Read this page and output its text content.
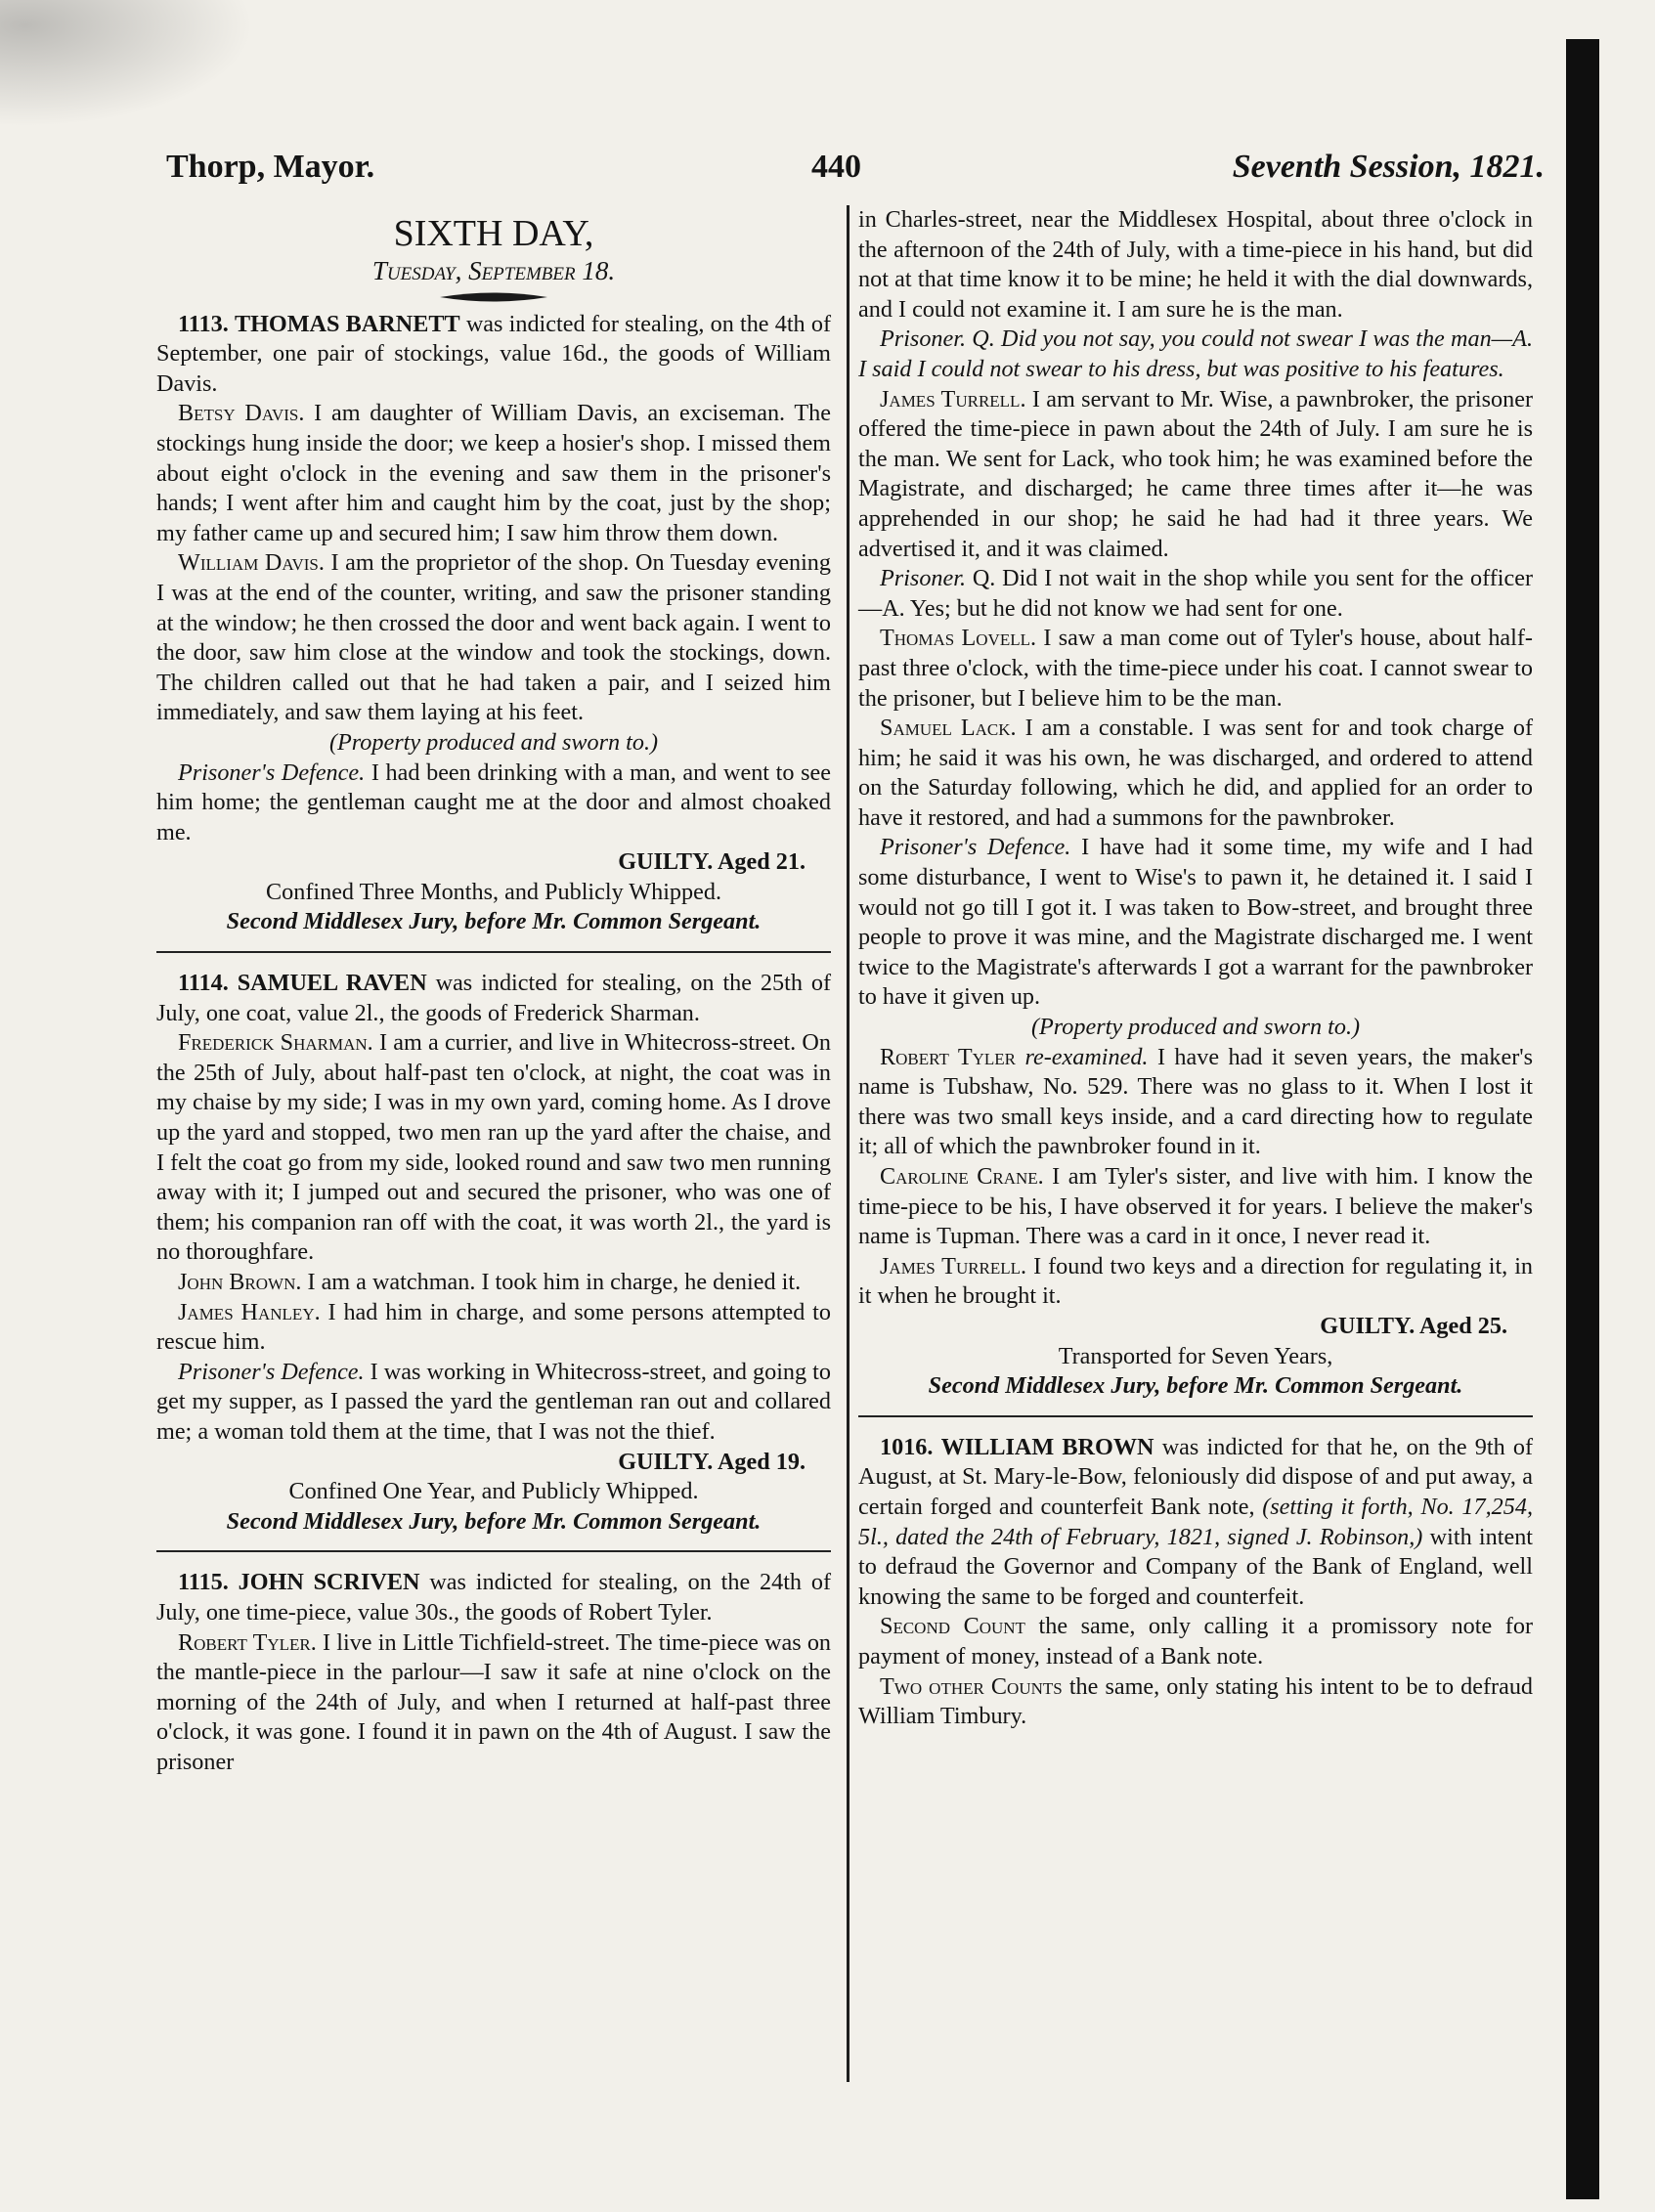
Thorp, Mayor.	440	Seventh Session, 1821.

SIXTH DAY,

Tuesday, September 18.

1113. THOMAS BARNETT was indicted for stealing, on the 4th of September, one pair of stockings, value 16d., the goods of William Davis.

Betsy Davis. I am daughter of William Davis, an exciseman. The stockings hung inside the door; we keep a hosier's shop. I missed them about eight o'clock in the evening and saw them in the prisoner's hands; I went after him and caught him by the coat, just by the shop; my father came up and secured him; I saw him throw them down.

William Davis. I am the proprietor of the shop. On Tuesday evening I was at the end of the counter, writing, and saw the prisoner standing at the window; he then crossed the door and went back again. I went to the door, saw him close at the window and took the stockings, down. The children called out that he had taken a pair, and I seized him immediately, and saw them laying at his feet.

(Property produced and sworn to.)

Prisoner's Defence. I had been drinking with a man, and went to see him home; the gentleman caught me at the door and almost choaked me.

GUILTY. Aged 21.

Confined Three Months, and Publicly Whipped.

Second Middlesex Jury, before Mr. Common Sergeant.

1114. SAMUEL RAVEN was indicted for stealing, on the 25th of July, one coat, value 2l., the goods of Frederick Sharman.

Frederick Sharman. I am a currier, and live in Whitecross-street. On the 25th of July, about half-past ten o'clock, at night, the coat was in my chaise by my side; I was in my own yard, coming home. As I drove up the yard and stopped, two men ran up the yard after the chaise, and I felt the coat go from my side, looked round and saw two men running away with it; I jumped out and secured the prisoner, who was one of them; his companion ran off with the coat, it was worth 2l., the yard is no thoroughfare.

John Brown. I am a watchman. I took him in charge, he denied it.

James Hanley. I had him in charge, and some persons attempted to rescue him.

Prisoner's Defence. I was working in Whitecross-street, and going to get my supper, as I passed the yard the gentleman ran out and collared me; a woman told them at the time, that I was not the thief.

GUILTY. Aged 19.

Confined One Year, and Publicly Whipped.

Second Middlesex Jury, before Mr. Common Sergeant.

1115. JOHN SCRIVEN was indicted for stealing, on the 24th of July, one time-piece, value 30s., the goods of Robert Tyler.

Robert Tyler. I live in Little Tichfield-street. The time-piece was on the mantle-piece in the parlour—I saw it safe at nine o'clock on the morning of the 24th of July, and when I returned at half-past three o'clock, it was gone. I found it in pawn on the 4th of August. I saw the prisoner

in Charles-street, near the Middlesex Hospital, about three o'clock in the afternoon of the 24th of July, with a time-piece in his hand, but did not at that time know it to be mine; he held it with the dial downwards, and I could not examine it. I am sure he is the man.

Prisoner. Q. Did you not say, you could not swear I was the man—A. I said I could not swear to his dress, but was positive to his features.

James Turrell. I am servant to Mr. Wise, a pawnbroker, the prisoner offered the time-piece in pawn about the 24th of July. I am sure he is the man. We sent for Lack, who took him; he was examined before the Magistrate, and discharged; he came three times after it—he was apprehended in our shop; he said he had had it three years. We advertised it, and it was claimed.

Prisoner. Q. Did I not wait in the shop while you sent for the officer—A. Yes; but he did not know we had sent for one.

Thomas Lovell. I saw a man come out of Tyler's house, about half-past three o'clock, with the time-piece under his coat. I cannot swear to the prisoner, but I believe him to be the man.

Samuel Lack. I am a constable. I was sent for and took charge of him; he said it was his own, he was discharged, and ordered to attend on the Saturday following, which he did, and applied for an order to have it restored, and had a summons for the pawnbroker.

Prisoner's Defence. I have had it some time, my wife and I had some disturbance, I went to Wise's to pawn it, he detained it. I said I would not go till I got it. I was taken to Bow-street, and brought three people to prove it was mine, and the Magistrate discharged me. I went twice to the Magistrate's afterwards I got a warrant for the pawnbroker to have it given up.

(Property produced and sworn to.)

Robert Tyler re-examined. I have had it seven years, the maker's name is Tubshaw, No. 529. There was no glass to it. When I lost it there was two small keys inside, and a card directing how to regulate it; all of which the pawnbroker found in it.

Caroline Crane. I am Tyler's sister, and live with him. I know the time-piece to be his, I have observed it for years. I believe the maker's name is Tupman. There was a card in it once, I never read it.

James Turrell. I found two keys and a direction for regulating it, in it when he brought it.

GUILTY. Aged 25.

Transported for Seven Years,

Second Middlesex Jury, before Mr. Common Sergeant.

1016. WILLIAM BROWN was indicted for that he, on the 9th of August, at St. Mary-le-Bow, feloniously did dispose of and put away, a certain forged and counterfeit Bank note, (setting it forth, No. 17,254, 5l., dated the 24th of February, 1821, signed J. Robinson,) with intent to defraud the Governor and Company of the Bank of England, well knowing the same to be forged and counterfeit.

Second Count the same, only calling it a promissory note for payment of money, instead of a Bank note.

Two other Counts the same, only stating his intent to be to defraud William Timbury.
